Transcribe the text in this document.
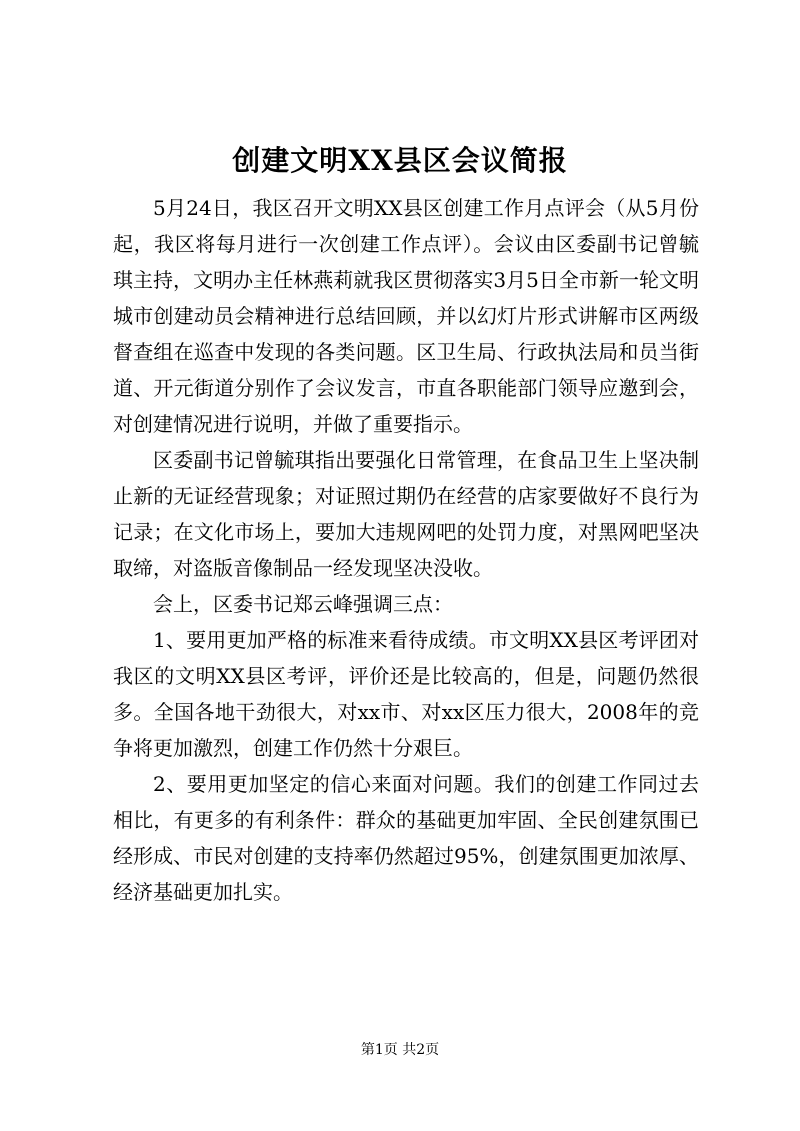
创建文明XX县区会议简报

5月24日，我区召开文明XX县区创建工作月点评会（从5月份起，我区将每月进行一次创建工作点评）。会议由区委副书记曾毓琪主持，文明办主任林燕莉就我区贯彻落实3月5日全市新一轮文明城市创建动员会精神进行总结回顾，并以幻灯片形式讲解市区两级督查组在巡查中发现的各类问题。区卫生局、行政执法局和员当街道、开元街道分别作了会议发言，市直各职能部门领导应邀到会，对创建情况进行说明，并做了重要指示。

区委副书记曾毓琪指出要强化日常管理，在食品卫生上坚决制止新的无证经营现象；对证照过期仍在经营的店家要做好不良行为记录；在文化市场上，要加大违规网吧的处罚力度，对黑网吧坚决取缔，对盗版音像制品一经发现坚决没收。

会上，区委书记郑云峰强调三点：

1、要用更加严格的标准来看待成绩。市文明XX县区考评团对我区的文明XX县区考评，评价还是比较高的，但是，问题仍然很多。全国各地干劲很大，对xx市、对xx区压力很大，2008年的竞争将更加激烈，创建工作仍然十分艰巨。

2、要用更加坚定的信心来面对问题。我们的创建工作同过去相比，有更多的有利条件：群众的基础更加牢固、全民创建氛围已经形成、市民对创建的支持率仍然超过95%，创建氛围更加浓厚、经济基础更加扎实。

第1页 共2页
